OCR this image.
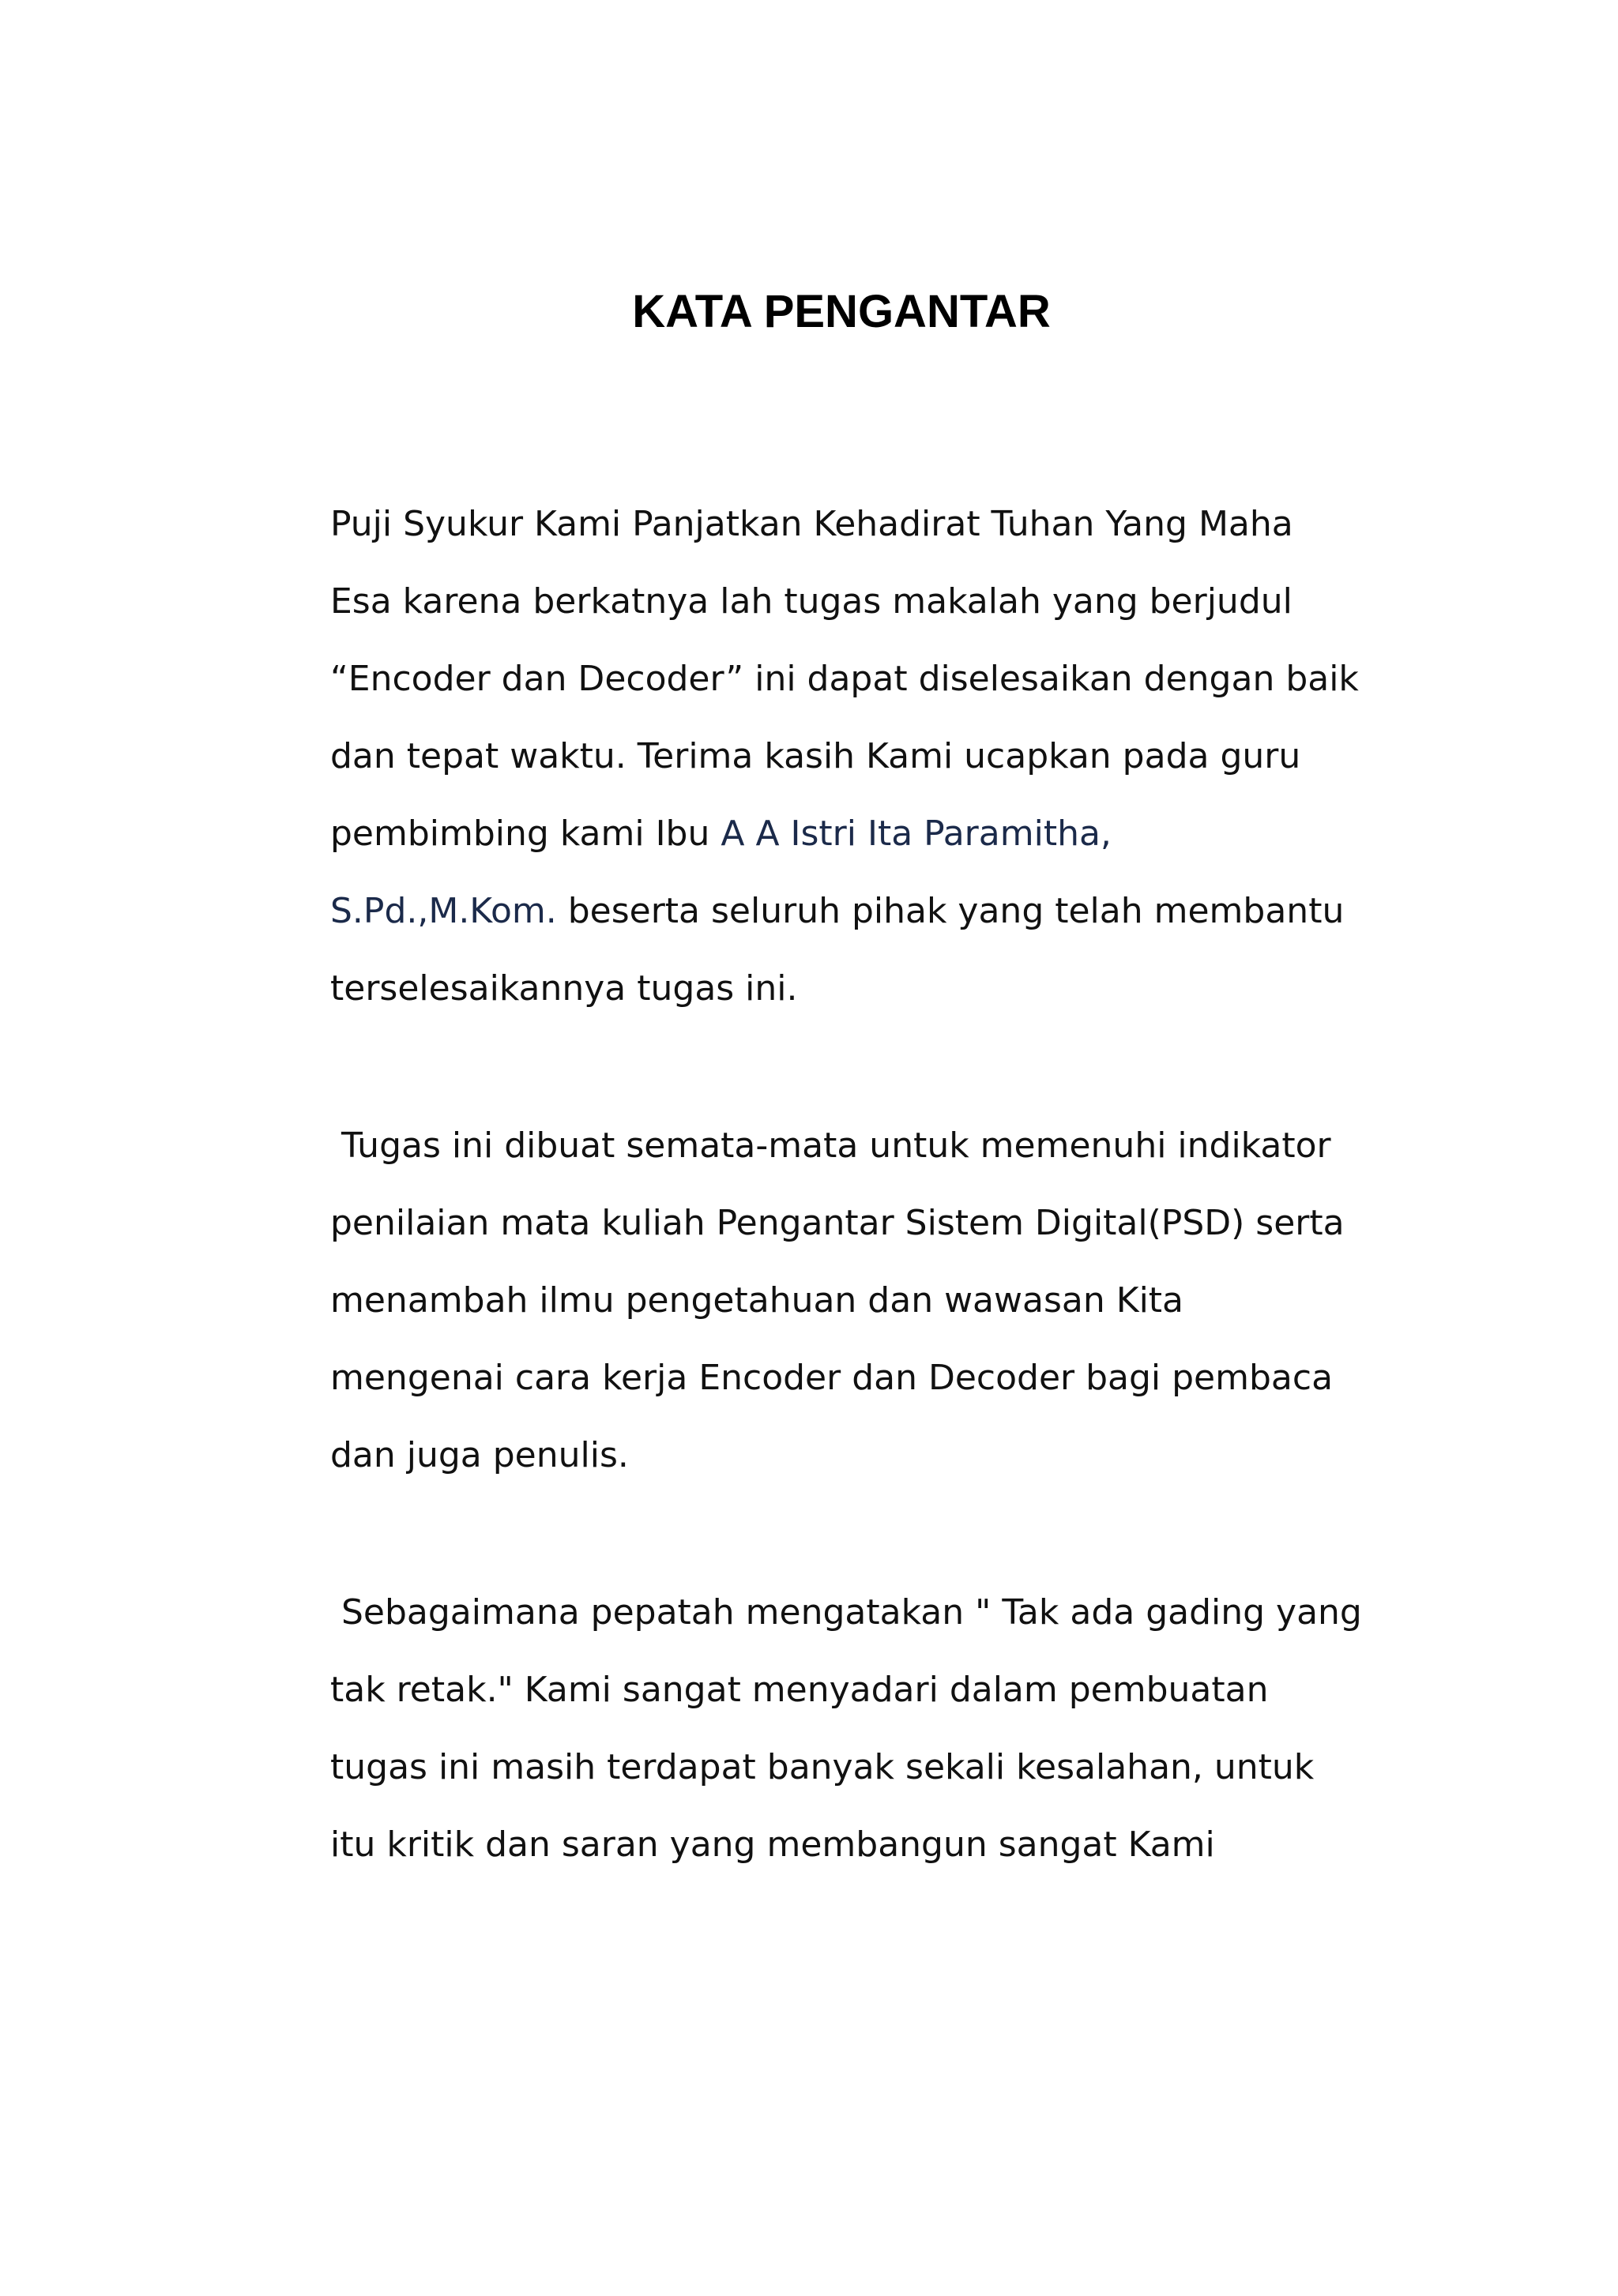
KATA PENGANTAR
Puji Syukur Kami Panjatkan Kehadirat Tuhan Yang Maha
Esa karena berkatnya lah tugas makalah yang berjudul
“Encoder dan Decoder” ini dapat diselesaikan dengan baik
dan tepat waktu. Terima kasih Kami ucapkan pada guru
pembimbing kami Ibu A A Istri Ita Paramitha,
S.Pd.,M.Kom. beserta seluruh pihak yang telah membantu
terselesaikannya tugas ini.
Tugas ini dibuat semata-mata untuk memenuhi indikator
penilaian mata kuliah Pengantar Sistem Digital(PSD) serta
menambah ilmu pengetahuan dan wawasan Kita
mengenai cara kerja Encoder dan Decoder bagi pembaca
dan juga penulis.
Sebagaimana pepatah mengatakan " Tak ada gading yang
tak retak." Kami sangat menyadari dalam pembuatan
tugas ini masih terdapat banyak sekali kesalahan, untuk
itu kritik dan saran yang membangun sangat Kami
